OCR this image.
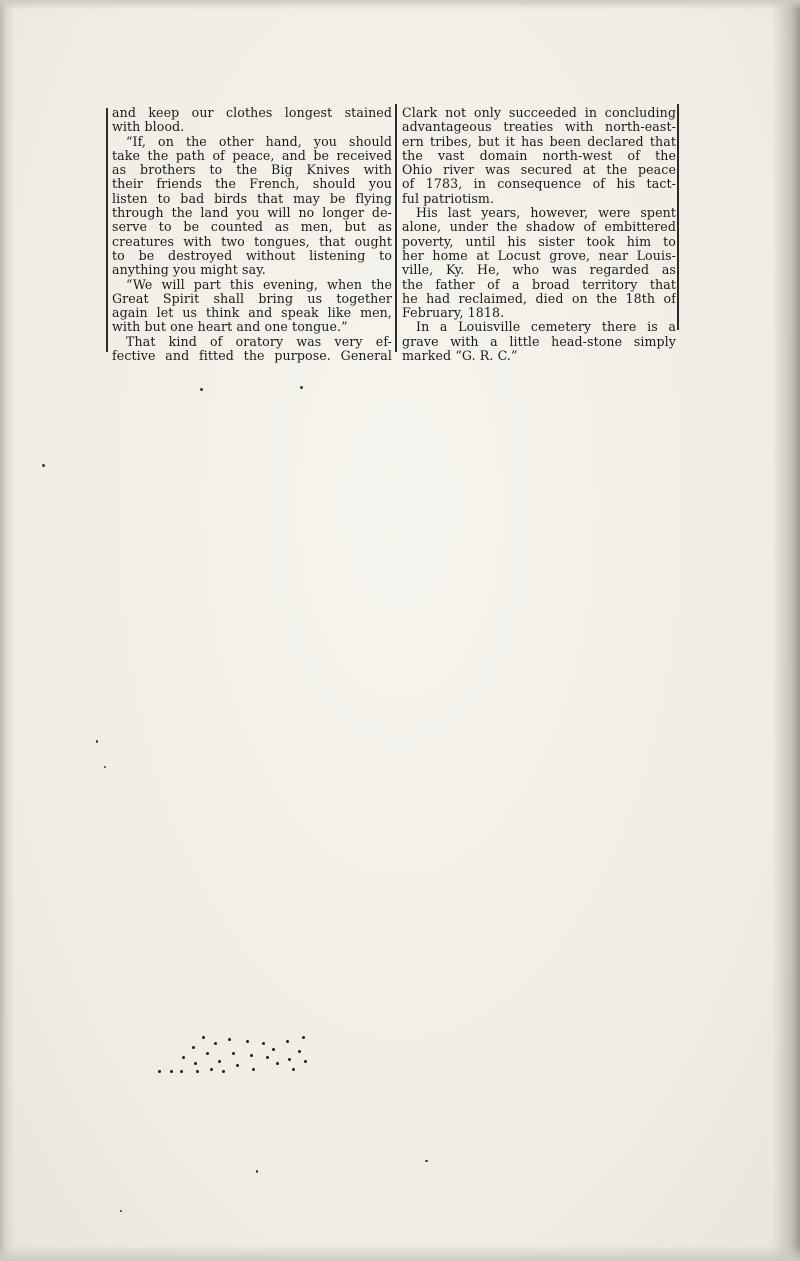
and keep our clothes longest stained
with blood.
“If, on the other hand, you should
take the path of peace, and be received
as brothers to the Big Knives with
their friends the French, should you
listen to bad birds that may be flying
through the land you will no longer de-
serve to be counted as men, but as
creatures with two tongues, that ought
to be destroyed without listening to
anything you might say.
“We will part this evening, when the
Great Spirit shall bring us together
again let us think and speak like men,
with but one heart and one tongue.”
That kind of oratory was very ef-
fective and fitted the purpose. General
Clark not only succeeded in concluding
advantageous treaties with north-east-
ern tribes, but it has been declared that
the vast domain north-west of the
Ohio river was secured at the peace
of 1783, in consequence of his tact-
ful patriotism.
His last years, however, were spent
alone, under the shadow of embittered
poverty, until his sister took him to
her home at Locust grove, near Louis-
ville, Ky. He, who was regarded as
the father of a broad territory that
he had reclaimed, died on the 18th of
February, 1818.
In a Louisville cemetery there is a
grave with a little head-stone simply
marked “G. R. C.”
